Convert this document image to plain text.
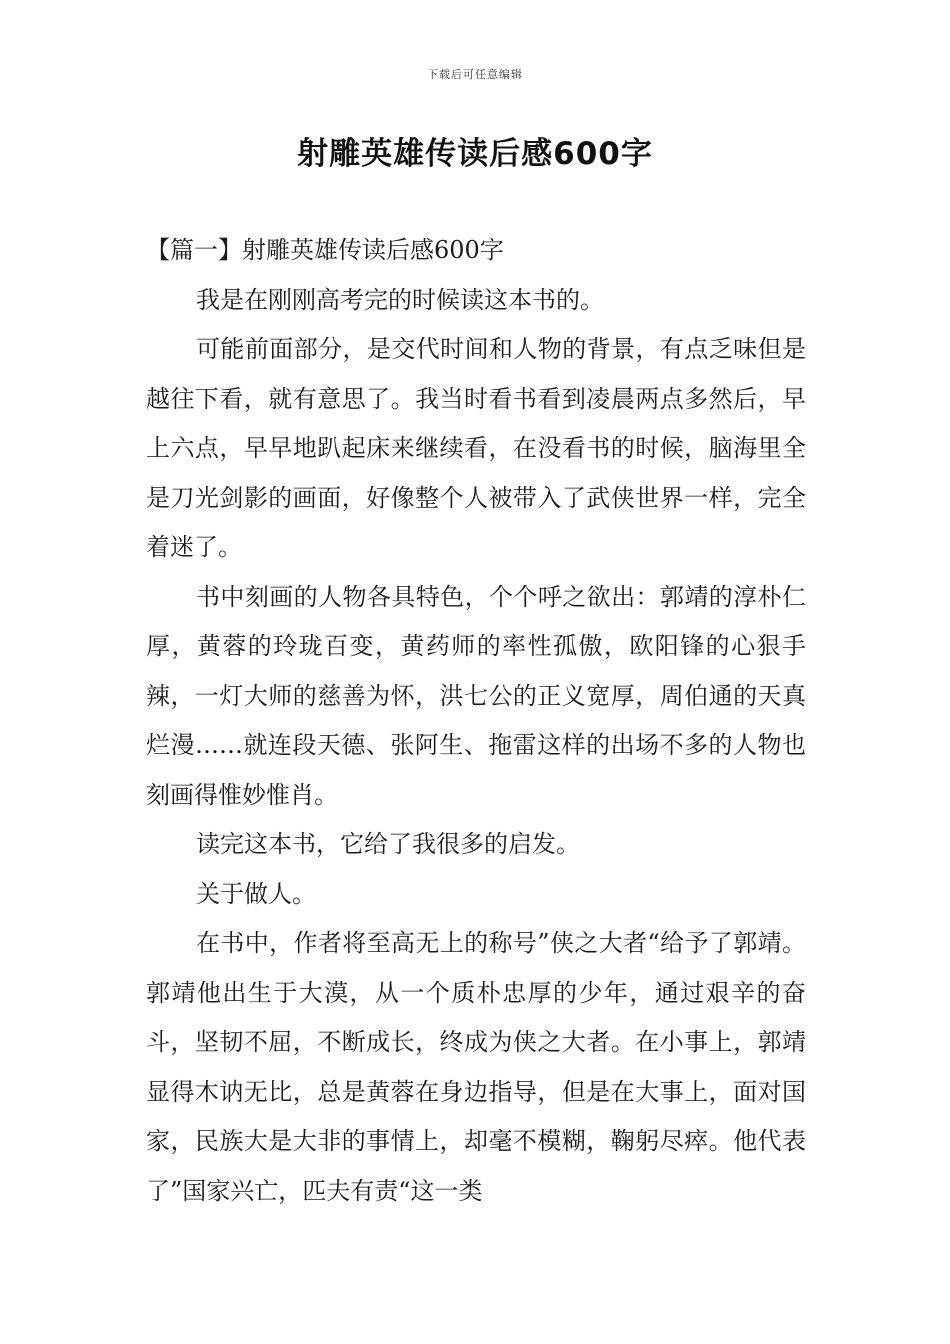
下载后可任意编辑
射雕英雄传读后感600字

【篇一】射雕英雄传读后感600字

我是在刚刚高考完的时候读这本书的。

可能前面部分，是交代时间和人物的背景，有点乏味但是越往下看，就有意思了。我当时看书看到凌晨两点多然后，早上六点，早早地趴起床来继续看，在没看书的时候，脑海里全是刀光剑影的画面，好像整个人被带入了武侠世界一样，完全着迷了。

书中刻画的人物各具特色，个个呼之欲出：郭靖的淳朴仁厚，黄蓉的玲珑百变，黄药师的率性孤傲，欧阳锋的心狠手辣，一灯大师的慈善为怀，洪七公的正义宽厚，周伯通的天真烂漫……就连段天德、张阿生、拖雷这样的出场不多的人物也刻画得惟妙惟肖。

读完这本书，它给了我很多的启发。

关于做人。

在书中，作者将至高无上的称号”侠之大者“给予了郭靖。郭靖他出生于大漠，从一个质朴忠厚的少年，通过艰辛的奋斗，坚韧不屈，不断成长，终成为侠之大者。在小事上，郭靖显得木讷无比，总是黄蓉在身边指导，但是在大事上，面对国家，民族大是大非的事情上，却毫不模糊，鞠躬尽瘁。他代表了”国家兴亡，匹夫有责“这一类
